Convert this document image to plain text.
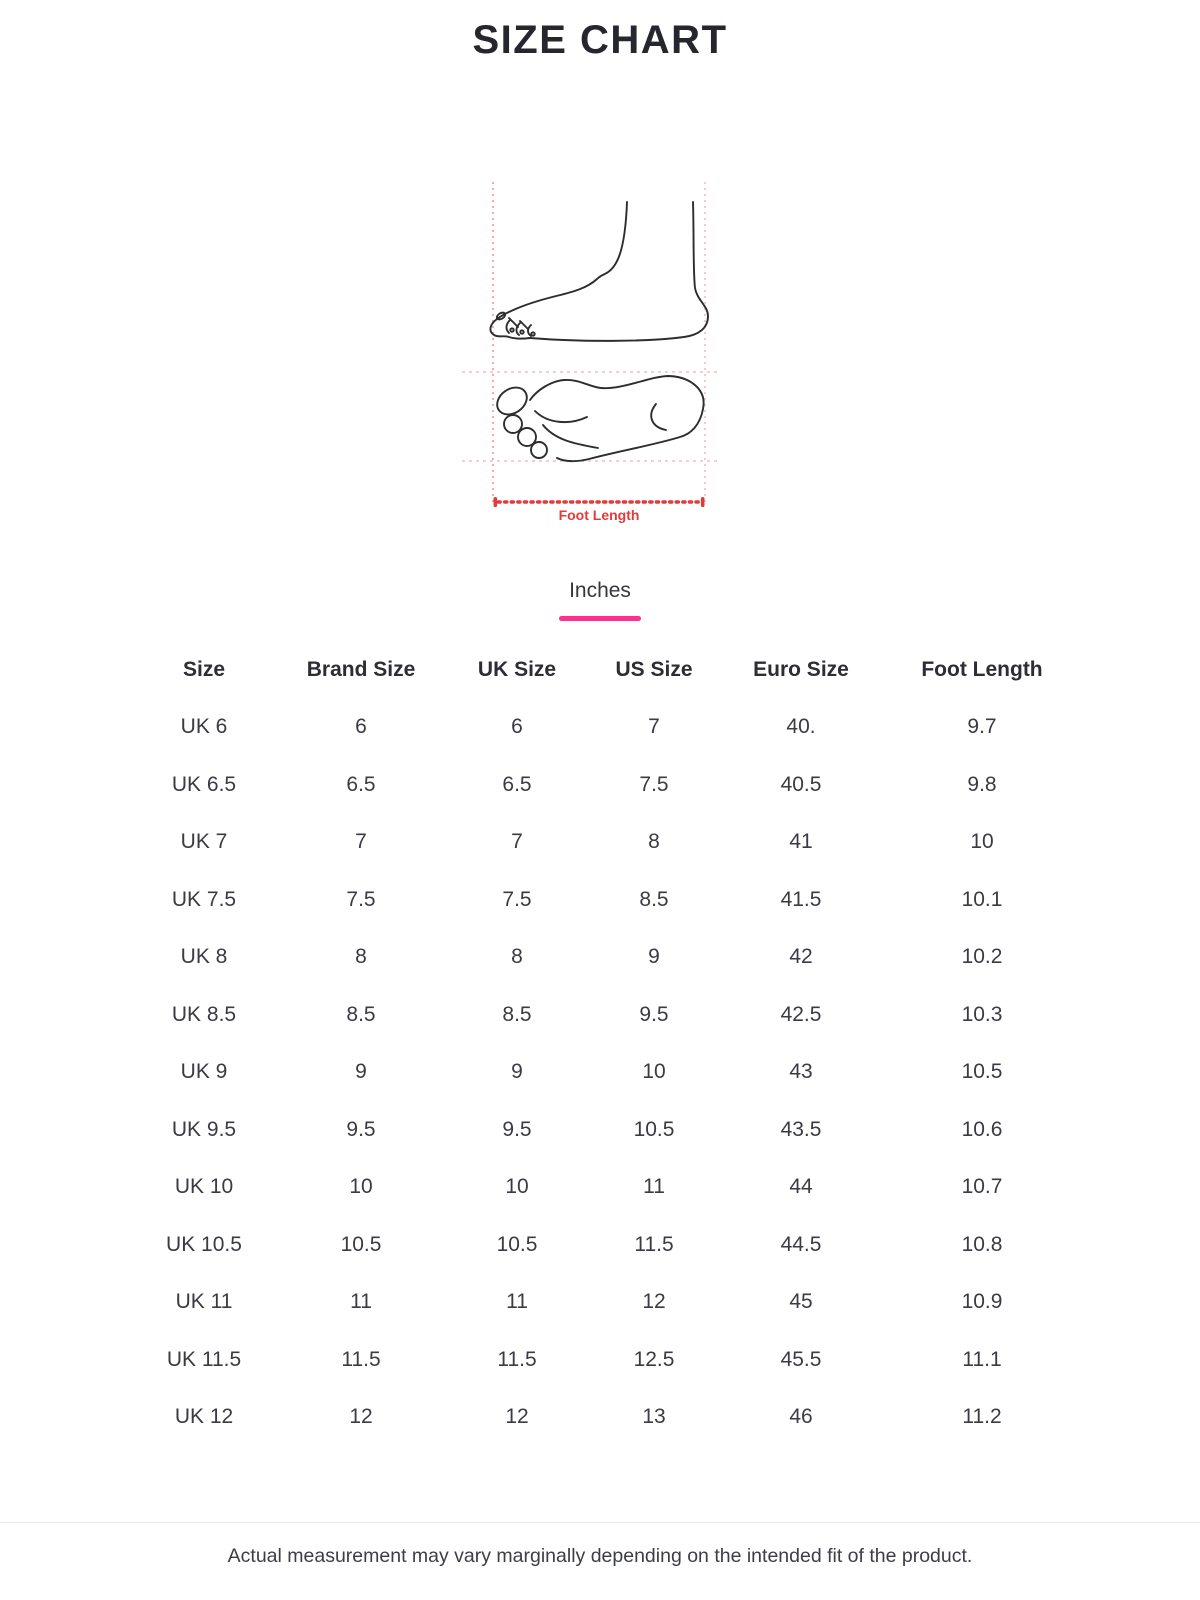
SIZE CHART
Foot Length
Inches
Size	Brand Size	UK Size	US Size	Euro Size	Foot Length
UK 6	6	6	7	40.	9.7
UK 6.5	6.5	6.5	7.5	40.5	9.8
UK 7	7	7	8	41	10
UK 7.5	7.5	7.5	8.5	41.5	10.1
UK 8	8	8	9	42	10.2
UK 8.5	8.5	8.5	9.5	42.5	10.3
UK 9	9	9	10	43	10.5
UK 9.5	9.5	9.5	10.5	43.5	10.6
UK 10	10	10	11	44	10.7
UK 10.5	10.5	10.5	11.5	44.5	10.8
UK 11	11	11	12	45	10.9
UK 11.5	11.5	11.5	12.5	45.5	11.1
UK 12	12	12	13	46	11.2

Actual measurement may vary marginally depending on the intended fit of the product.
